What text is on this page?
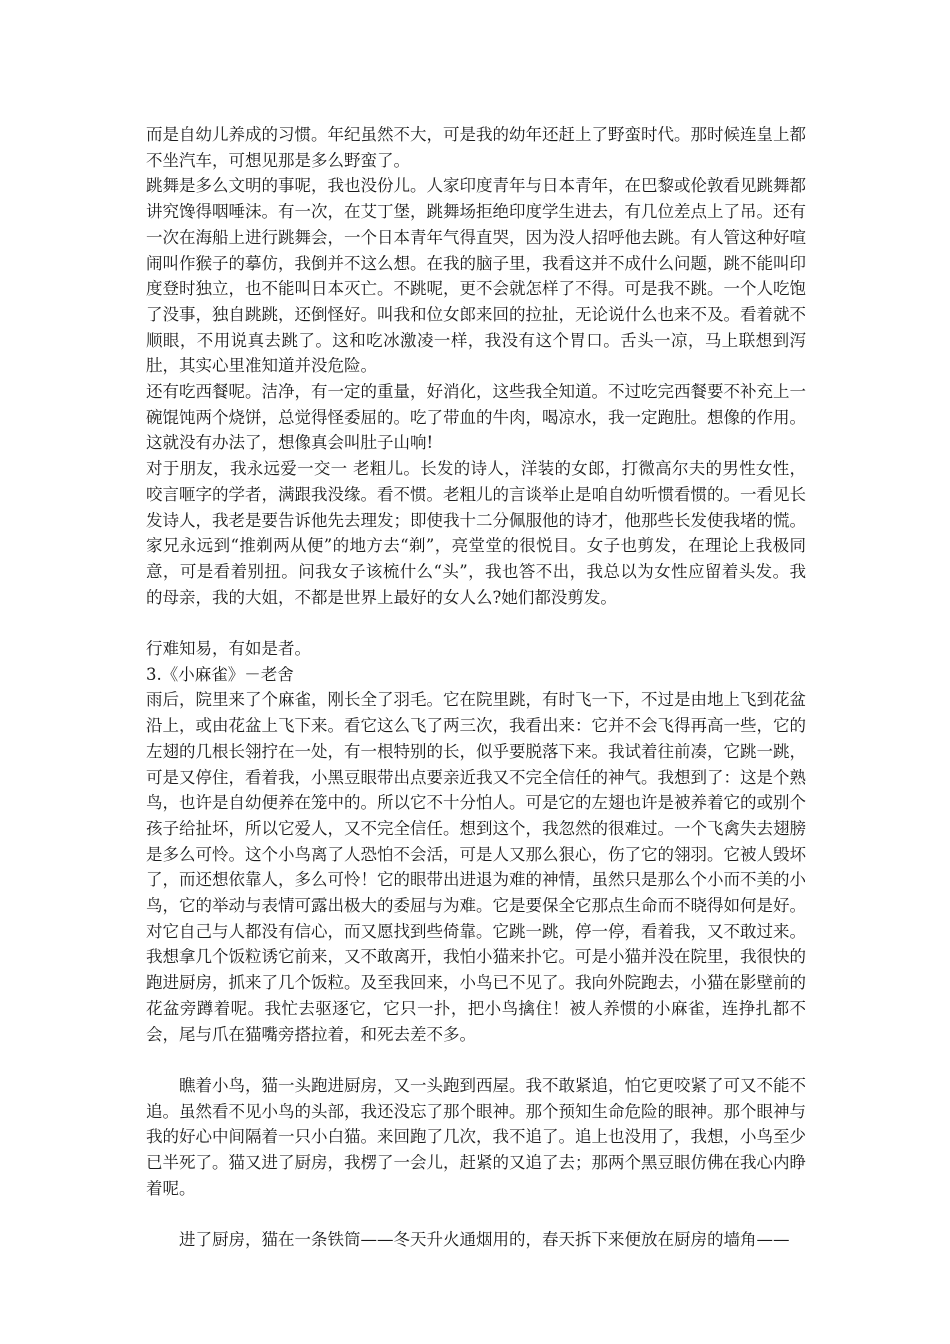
而是自幼儿养成的习惯。年纪虽然不大，可是我的幼年还赶上了野蛮时代。那时候连皇上都不坐汽车，可想见那是多么野蛮了。

跳舞是多么文明的事呢，我也没份儿。人家印度青年与日本青年，在巴黎或伦敦看见跳舞都讲究馋得咽唾沫。有一次，在艾丁堡，跳舞场拒绝印度学生进去，有几位差点上了吊。还有一次在海船上进行跳舞会，一个日本青年气得直哭，因为没人招呼他去跳。有人管这种好喧闹叫作猴子的摹仿，我倒并不这么想。在我的脑子里，我看这并不成什么问题，跳不能叫印度登时独立，也不能叫日本灭亡。不跳呢，更不会就怎样了不得。可是我不跳。一个人吃饱了没事，独自跳跳，还倒怪好。叫我和位女郎来回的拉扯，无论说什么也来不及。看着就不顺眼，不用说真去跳了。这和吃冰激凌一样，我没有这个胃口。舌头一凉，马上联想到泻肚，其实心里准知道并没危险。

还有吃西餐呢。洁净，有一定的重量，好消化，这些我全知道。不过吃完西餐要不补充上一碗馄饨两个烧饼，总觉得怪委屈的。吃了带血的牛肉，喝凉水，我一定跑肚。想像的作用。这就没有办法了，想像真会叫肚子山响!

对于朋友，我永远爱一交一 老粗儿。长发的诗人，洋装的女郎，打微高尔夫的男性女性，咬言咂字的学者，满跟我没缘。看不惯。老粗儿的言谈举止是咱自幼听惯看惯的。一看见长发诗人，我老是要告诉他先去理发；即使我十二分佩服他的诗才，他那些长发使我堵的慌。家兄永远到“推剃两从便”的地方去“剃”，亮堂堂的很悦目。女子也剪发，在理论上我极同意，可是看着别扭。问我女子该梳什么“头”，我也答不出，我总以为女性应留着头发。我的母亲，我的大姐，不都是世界上最好的女人么?她们都没剪发。

行难知易，有如是者。

3.《小麻雀》－老舍

雨后，院里来了个麻雀，刚长全了羽毛。它在院里跳，有时飞一下，不过是由地上飞到花盆沿上，或由花盆上飞下来。看它这么飞了两三次，我看出来：它并不会飞得再高一些，它的左翅的几根长翎拧在一处，有一根特别的长，似乎要脱落下来。我试着往前凑，它跳一跳，可是又停住，看着我，小黑豆眼带出点要亲近我又不完全信任的神气。我想到了：这是个熟鸟，也许是自幼便养在笼中的。所以它不十分怕人。可是它的左翅也许是被养着它的或别个孩子给扯坏，所以它爱人，又不完全信任。想到这个，我忽然的很难过。一个飞禽失去翅膀是多么可怜。这个小鸟离了人恐怕不会活，可是人又那么狠心，伤了它的翎羽。它被人毁坏了，而还想依靠人，多么可怜！它的眼带出进退为难的神情，虽然只是那么个小而不美的小鸟，它的举动与表情可露出极大的委屈与为难。它是要保全它那点生命而不晓得如何是好。对它自己与人都没有信心，而又愿找到些倚靠。它跳一跳，停一停，看着我，又不敢过来。我想拿几个饭粒诱它前来，又不敢离开，我怕小猫来扑它。可是小猫并没在院里，我很快的跑进厨房，抓来了几个饭粒。及至我回来，小鸟已不见了。我向外院跑去，小猫在影壁前的花盆旁蹲着呢。我忙去驱逐它，它只一扑，把小鸟擒住！被人养惯的小麻雀，连挣扎都不会，尾与爪在猫嘴旁搭拉着，和死去差不多。

瞧着小鸟，猫一头跑进厨房，又一头跑到西屋。我不敢紧追，怕它更咬紧了可又不能不追。虽然看不见小鸟的头部，我还没忘了那个眼神。那个预知生命危险的眼神。那个眼神与我的好心中间隔着一只小白猫。来回跑了几次，我不追了。追上也没用了，我想，小鸟至少已半死了。猫又进了厨房，我楞了一会儿，赶紧的又追了去；那两个黑豆眼仿佛在我心内睁着呢。

进了厨房，猫在一条铁筒——冬天升火通烟用的，春天拆下来便放在厨房的墙角——
